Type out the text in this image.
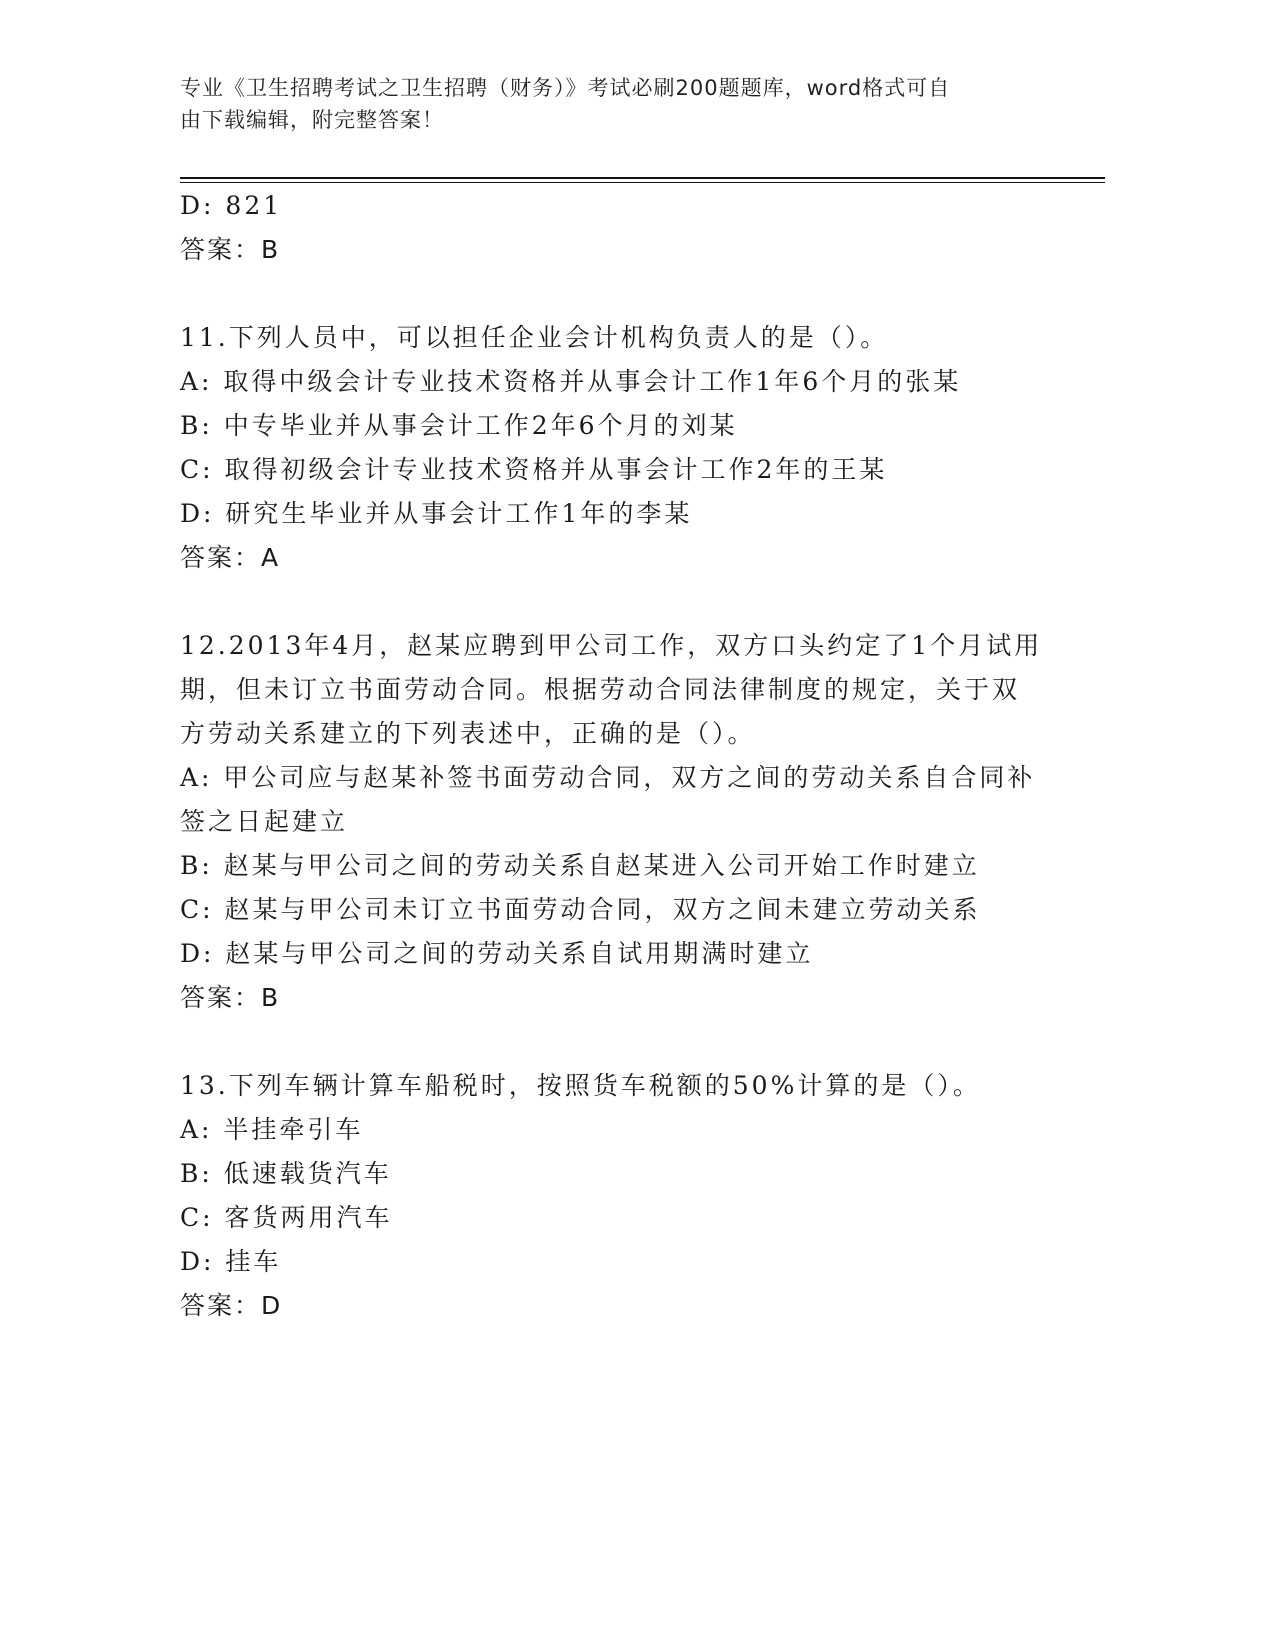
专业《卫生招聘考试之卫生招聘（财务）》考试必刷200题题库，word格式可自
由下载编辑，附完整答案！

D: 821

答案：B

11.下列人员中，可以担任企业会计机构负责人的是（）。

A: 取得中级会计专业技术资格并从事会计工作1年6个月的张某

B: 中专毕业并从事会计工作2年6个月的刘某

C: 取得初级会计专业技术资格并从事会计工作2年的王某

D: 研究生毕业并从事会计工作1年的李某

答案：A

12.2013年4月，赵某应聘到甲公司工作，双方口头约定了1个月试用

期，但未订立书面劳动合同。根据劳动合同法律制度的规定，关于双

方劳动关系建立的下列表述中，正确的是（）。

A: 甲公司应与赵某补签书面劳动合同，双方之间的劳动关系自合同补

签之日起建立

B: 赵某与甲公司之间的劳动关系自赵某进入公司开始工作时建立

C: 赵某与甲公司未订立书面劳动合同，双方之间未建立劳动关系

D: 赵某与甲公司之间的劳动关系自试用期满时建立

答案：B

13.下列车辆计算车船税时，按照货车税额的50%计算的是（）。

A: 半挂牵引车

B: 低速载货汽车

C: 客货两用汽车

D: 挂车

答案：D
